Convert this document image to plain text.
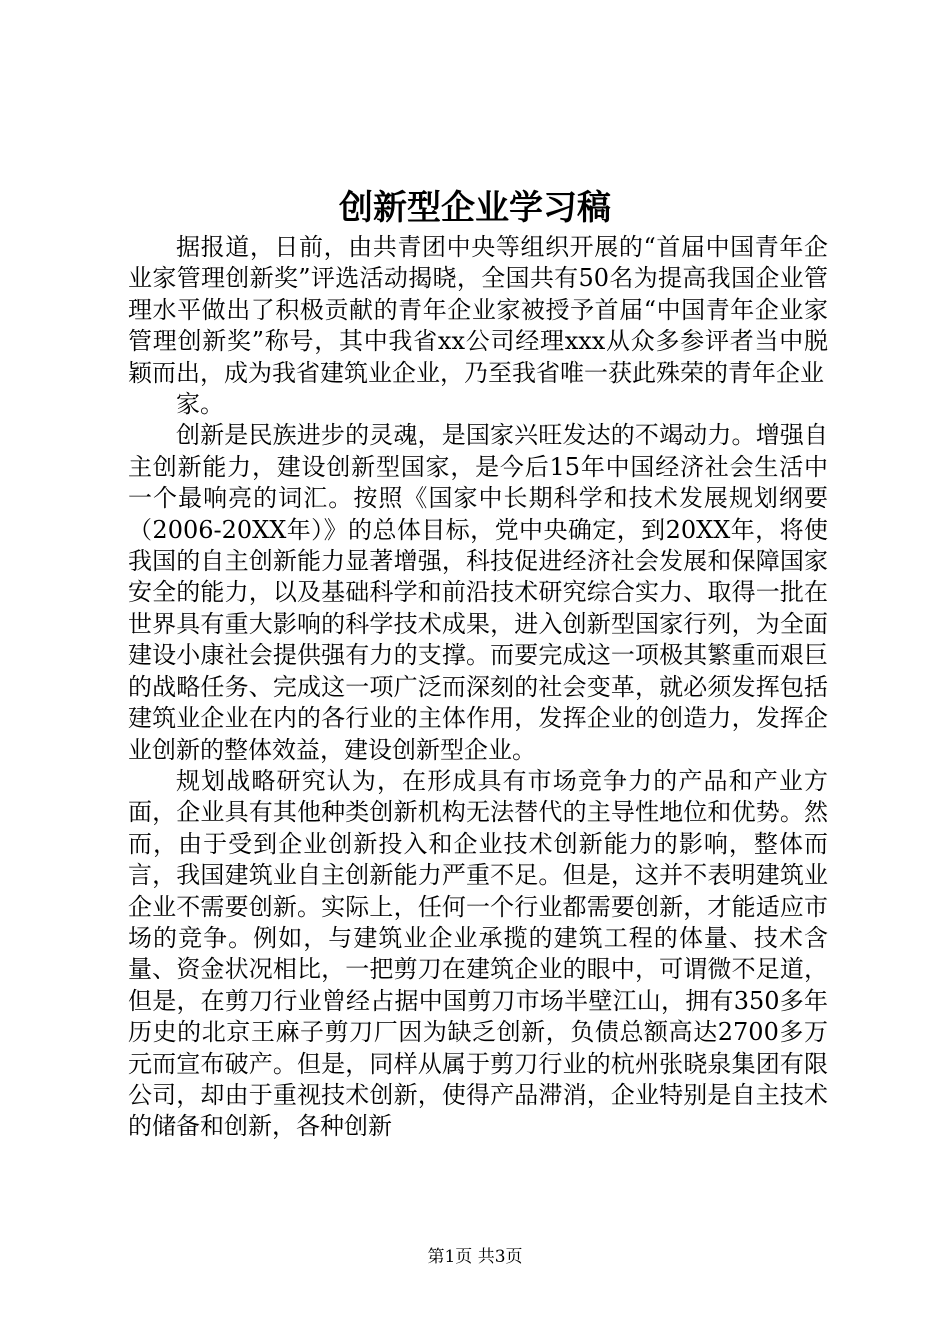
创新型企业学习稿

据报道，日前，由共青团中央等组织开展的“首届中国青年企业家管理创新奖”评选活动揭晓，全国共有50名为提高我国企业管理水平做出了积极贡献的青年企业家被授予首届“中国青年企业家管理创新奖”称号，其中我省xx公司经理xxx从众多参评者当中脱颖而出，成为我省建筑业企业，乃至我省唯一获此殊荣的青年企业

家。

创新是民族进步的灵魂，是国家兴旺发达的不竭动力。增强自主创新能力，建设创新型国家，是今后15年中国经济社会生活中一个最响亮的词汇。按照《国家中长期科学和技术发展规划纲要（2006-20XX年）》的总体目标，党中央确定，到20XX年，将使我国的自主创新能力显著增强，科技促进经济社会发展和保障国家安全的能力，以及基础科学和前沿技术研究综合实力、取得一批在世界具有重大影响的科学技术成果，进入创新型国家行列，为全面建设小康社会提供强有力的支撑。而要完成这一项极其繁重而艰巨的战略任务、完成这一项广泛而深刻的社会变革，就必须发挥包括建筑业企业在内的各行业的主体作用，发挥企业的创造力，发挥企业创新的整体效益，建设创新型企业。

规划战略研究认为，在形成具有市场竞争力的产品和产业方面，企业具有其他种类创新机构无法替代的主导性地位和优势。然而，由于受到企业创新投入和企业技术创新能力的影响，整体而言，我国建筑业自主创新能力严重不足。但是，这并不表明建筑业企业不需要创新。实际上，任何一个行业都需要创新，才能适应市场的竞争。例如，与建筑业企业承揽的建筑工程的体量、技术含量、资金状况相比，一把剪刀在建筑企业的眼中，可谓微不足道，但是，在剪刀行业曾经占据中国剪刀市场半壁江山，拥有350多年历史的北京王麻子剪刀厂因为缺乏创新，负债总额高达2700多万元而宣布破产。但是，同样从属于剪刀行业的杭州张晓泉集团有限公司，却由于重视技术创新，使得产品滞消，企业特别是自主技术的储备和创新，各种创新

第1页 共3页
